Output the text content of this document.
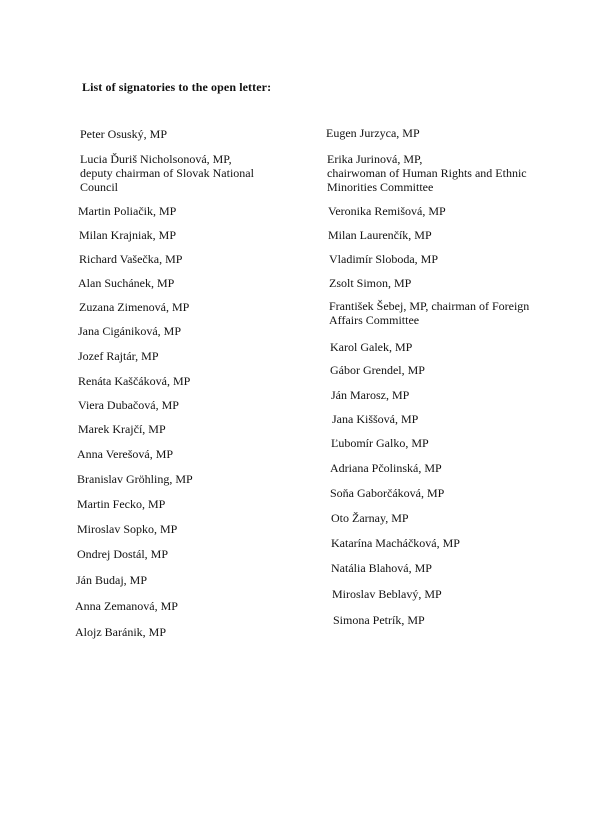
List of signatories to the open letter:
Peter Osuský, MP
Lucia Ďuriš Nicholsonová, MP,
deputy chairman of Slovak National
Council
Martin Poliačik, MP
Milan Krajniak, MP
Richard Vašečka, MP
Alan Suchánek, MP
Zuzana Zimenová, MP
Jana Cigániková, MP
Jozef Rajtár, MP
Renáta Kaščáková, MP
Viera Dubačová, MP
Marek Krajčí, MP
Anna Verešová, MP
Branislav Gröhling, MP
Martin Fecko, MP
Miroslav Sopko, MP
Ondrej Dostál, MP
Ján Budaj, MP
Anna Zemanová, MP
Alojz Baránik, MP
Eugen Jurzyca, MP
Erika Jurinová, MP,
chairwoman of Human Rights and Ethnic
Minorities Committee
Veronika Remišová, MP
Milan Laurenčík, MP
Vladimír Sloboda, MP
Zsolt Simon, MP
František Šebej, MP, chairman of Foreign
Affairs Committee
Karol Galek, MP
Gábor Grendel, MP
Ján Marosz, MP
Jana Kiššová, MP
Ľubomír Galko, MP
Adriana Pčolinská, MP
Soňa Gaborčáková, MP
Oto Žarnay, MP
Katarína Macháčková, MP
Natália Blahová, MP
Miroslav Beblavý, MP
Simona Petrík, MP
